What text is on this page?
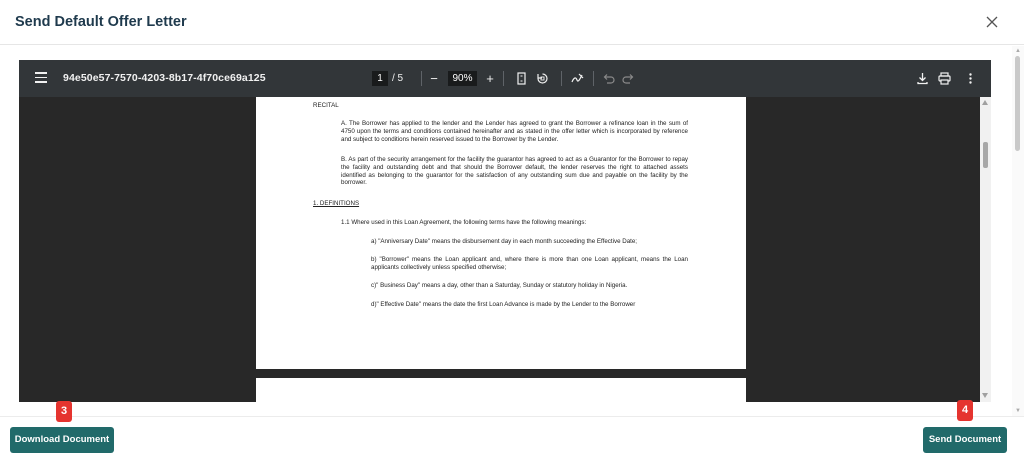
Send Default Offer Letter
▲
▼
94e50e57-7570-4203-8b17-4f70ce69a125	1 / 5 −	90%	+
RECITAL
A. The Borrower has applied to the lender and the Lender has agreed to grant the Borrower a refinance loan in the sum of 4750 upon the terms and conditions contained hereinafter and as stated in the offer letter which is incorporated by reference and subject to conditions herein reserved issued to the Borrower by the Lender.
B. As part of the security arrangement for the facility the guarantor has agreed to act as a Guarantor for the Borrower to repay the facility and outstanding debt and that should the Borrower default, the lender reserves the right to attached assets identified as belonging to the guarantor for the satisfaction of any outstanding sum due and payable on the facility by the borrower.
1. DEFINITIONS
1.1 Where used in this Loan Agreement, the following terms have the following meanings:
a) "Anniversary Date" means the disbursement day in each month succeeding the Effective Date;
b) "Borrower" means the Loan applicant and, where there is more than one Loan applicant, means the Loan applicants collectively unless specified otherwise;
c)" Business Day" means a day, other than a Saturday, Sunday or statutory holiday in Nigeria.
d)" Effective Date" means the date the first Loan Advance is made by the Lender to the Borrower
3	4
Download Document	Send Document
